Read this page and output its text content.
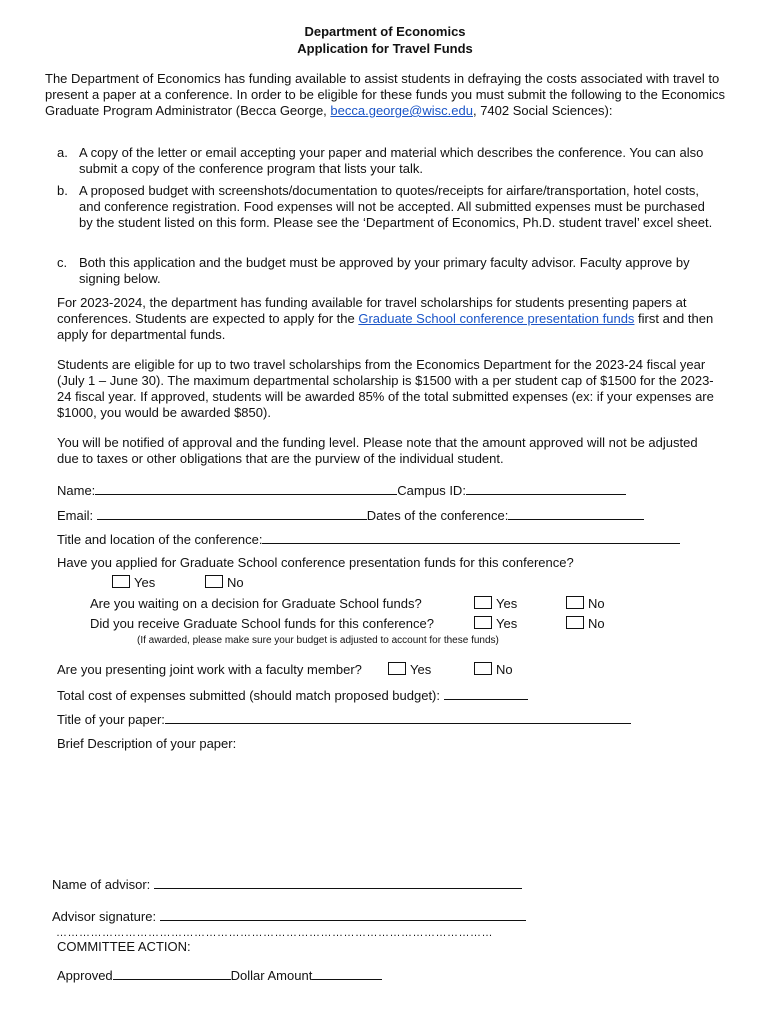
Department of Economics
Application for Travel Funds
The Department of Economics has funding available to assist students in defraying the costs associated with travel to present a paper at a conference. In order to be eligible for these funds you must submit the following to the Economics Graduate Program Administrator (Becca George, becca.george@wisc.edu, 7402 Social Sciences):
a. A copy of the letter or email accepting your paper and material which describes the conference. You can also submit a copy of the conference program that lists your talk.
b. A proposed budget with screenshots/documentation to quotes/receipts for airfare/transportation, hotel costs, and conference registration. Food expenses will not be accepted. All submitted expenses must be purchased by the student listed on this form. Please see the ‘Department of Economics, Ph.D. student travel’ excel sheet.
c. Both this application and the budget must be approved by your primary faculty advisor. Faculty approve by signing below.
For 2023-2024, the department has funding available for travel scholarships for students presenting papers at conferences. Students are expected to apply for the Graduate School conference presentation funds first and then apply for departmental funds.
Students are eligible for up to two travel scholarships from the Economics Department for the 2023-24 fiscal year (July 1 – June 30). The maximum departmental scholarship is $1500 with a per student cap of $1500 for the 2023-24 fiscal year. If approved, students will be awarded 85% of the total submitted expenses (ex: if your expenses are $1000, you would be awarded $850).
You will be notified of approval and the funding level. Please note that the amount approved will not be adjusted due to taxes or other obligations that are the purview of the individual student.
Name:	Campus ID:
Email:	Dates of the conference:
Title and location of the conference:
Have you applied for Graduate School conference presentation funds for this conference?
Yes	No
Are you waiting on a decision for Graduate School funds?	Yes	No
Did you receive Graduate School funds for this conference?	Yes	No
(If awarded, please make sure your budget is adjusted to account for these funds)
Are you presenting joint work with a faculty member?	Yes	No
Total cost of expenses submitted (should match proposed budget):
Title of your paper:
Brief Description of your paper:
Name of advisor:
Advisor signature:
……………………………………………………………………………………………………
COMMITTEE ACTION:
Approved	Dollar Amount
